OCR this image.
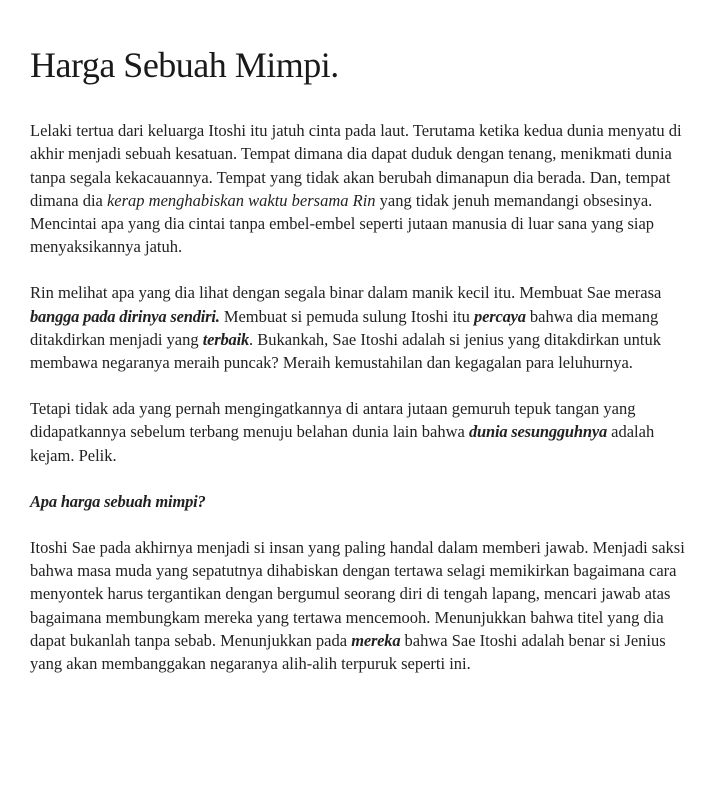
Harga Sebuah Mimpi.

Lelaki tertua dari keluarga Itoshi itu jatuh cinta pada laut. Terutama ketika kedua dunia menyatu di akhir menjadi sebuah kesatuan. Tempat dimana dia dapat duduk dengan tenang, menikmati dunia tanpa segala kekacauannya. Tempat yang tidak akan berubah dimanapun dia berada. Dan, tempat dimana dia kerap menghabiskan waktu bersama Rin yang tidak jenuh memandangi obsesinya. Mencintai apa yang dia cintai tanpa embel-embel seperti jutaan manusia di luar sana yang siap menyaksikannya jatuh.

Rin melihat apa yang dia lihat dengan segala binar dalam manik kecil itu. Membuat Sae merasa bangga pada dirinya sendiri. Membuat si pemuda sulung Itoshi itu percaya bahwa dia memang ditakdirkan menjadi yang terbaik. Bukankah, Sae Itoshi adalah si jenius yang ditakdirkan untuk membawa negaranya meraih puncak? Meraih kemustahilan dan kegagalan para leluhurnya.

Tetapi tidak ada yang pernah mengingatkannya di antara jutaan gemuruh tepuk tangan yang didapatkannya sebelum terbang menuju belahan dunia lain bahwa dunia sesungguhnya adalah kejam. Pelik.

Apa harga sebuah mimpi?

Itoshi Sae pada akhirnya menjadi si insan yang paling handal dalam memberi jawab. Menjadi saksi bahwa masa muda yang sepatutnya dihabiskan dengan tertawa selagi memikirkan bagaimana cara menyontek harus tergantikan dengan bergumul seorang diri di tengah lapang, mencari jawab atas bagaimana membungkam mereka yang tertawa mencemooh. Menunjukkan bahwa titel yang dia dapat bukanlah tanpa sebab. Menunjukkan pada mereka bahwa Sae Itoshi adalah benar si Jenius yang akan membanggakan negaranya alih-alih terpuruk seperti ini.
